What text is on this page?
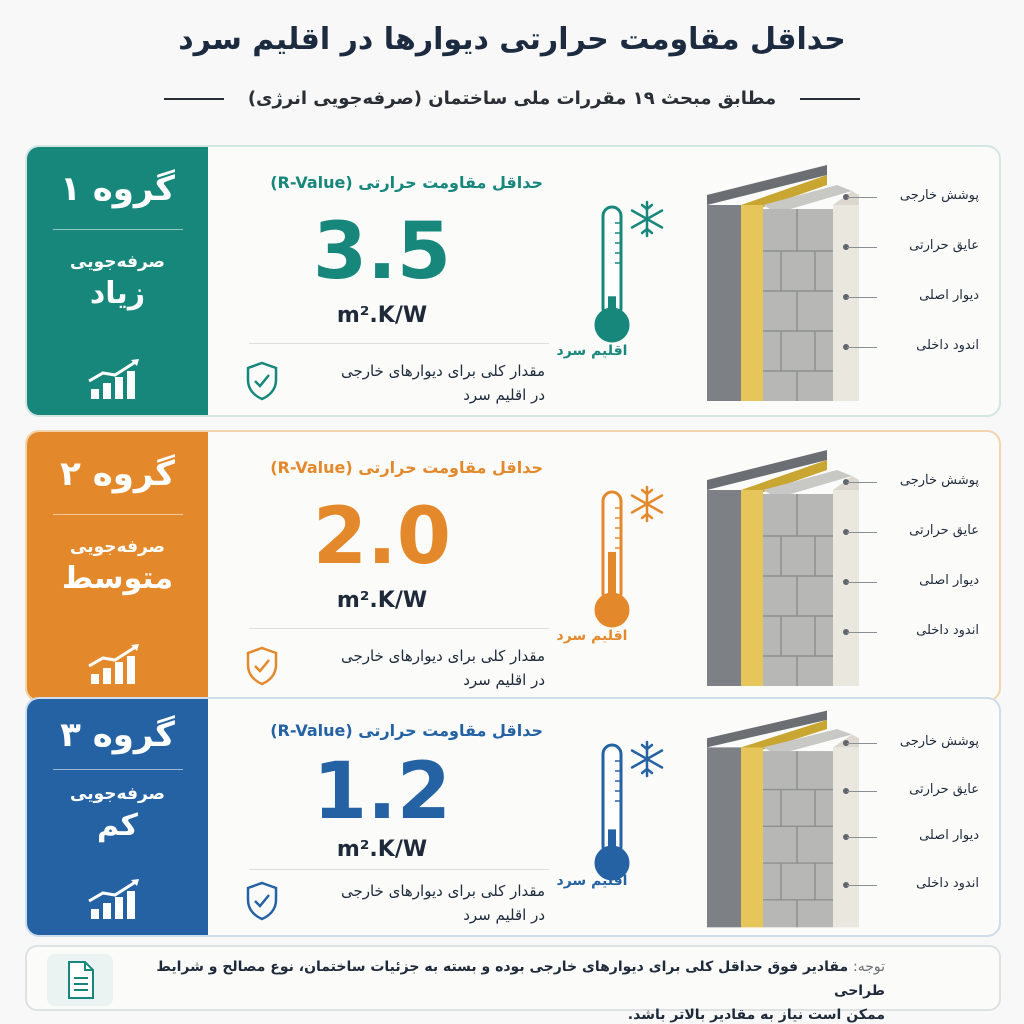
حداقل مقاومت حرارتی دیوارها در اقلیم سرد
مطابق مبحث ۱۹ مقررات ملی ساختمان (صرفه‌جویی انرژی)
گروه ۱
صرفه‌جویی
زیاد
حداقل مقاومت حرارتی (R-Value)
3.5
m².K/W
مقدار کلی برای دیوارهای خارجی
در اقلیم سرد
اقلیم سرد
پوشش خارجی
عایق حرارتی
دیوار اصلی
اندود داخلی
گروه ۲
صرفه‌جویی
متوسط
حداقل مقاومت حرارتی (R-Value)
2.0
m².K/W
مقدار کلی برای دیوارهای خارجی
در اقلیم سرد
اقلیم سرد
پوشش خارجی
عایق حرارتی
دیوار اصلی
اندود داخلی
گروه ۳
صرفه‌جویی
کم
حداقل مقاومت حرارتی (R-Value)
1.2
m².K/W
مقدار کلی برای دیوارهای خارجی
در اقلیم سرد
اقلیم سرد
پوشش خارجی
عایق حرارتی
دیوار اصلی
اندود داخلی
توجه: مقادیر فوق حداقل کلی برای دیوارهای خارجی بوده و بسته به جزئیات ساختمان، نوع مصالح و شرایط طراحی
ممکن است نیاز به مقادیر بالاتر باشد.
